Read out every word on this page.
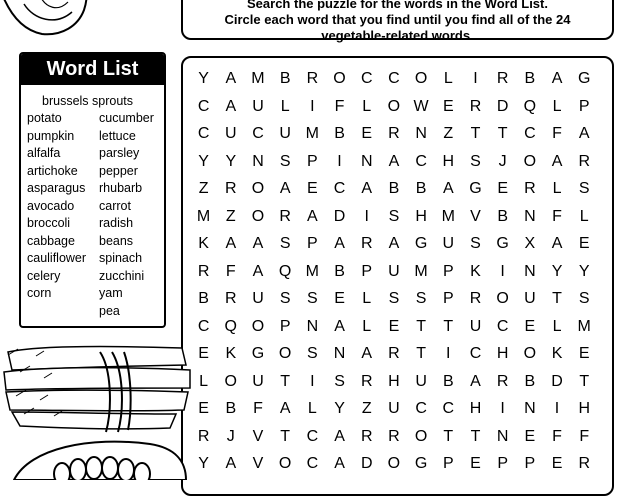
Search the puzzle for the words in the Word List.
Circle each word that you find until you find all of the 24
vegetable-related words.
Word List
brussels sprouts
potato	cucumber
pumpkin lettuce
alfalfa	parsley
artichoke pepper
asparagus rhubarb
avocado carrot
broccoli radish
cabbage beans
cauliflower spinach
celery	zucchini
corn	yam
pea
Y	A M B	R O C C O	L	I	R	B	A G
C	A	U	L	I	F	L	O W E	R D Q	L	P
C U C U M B	E	R N	Z	T	T	C	F	A
Y	Y	N	S	P	I	N	A	C H	S	J	O A	R
Z	R O A	E	C	A	B	B	A G E	R	L	S
M Z	O R	A	D	I	S	H M V	B	N	F	L
K	A	A	S	P	A	R	A G U	S G X	A	E
R	F	A Q M B	P	U M P	K	I	N	Y	Y
B	R U	S	S	E	L	S	S	P	R O U	T	S
C Q O P	N	A	L	E	T	T	U C	E	L	M
E	K G O S	N	A	R	T	I	C H O K	E
L	O U	T	I	S	R H U	B	A	R	B	D	T
E	B	F	A	L	Y	Z	U C C H	I	N	I	H
R	J	V	T	C	A	R R O	T	T	N	E	F	F
Y	A	V O C	A	D O G P	E	P	P	E	R
